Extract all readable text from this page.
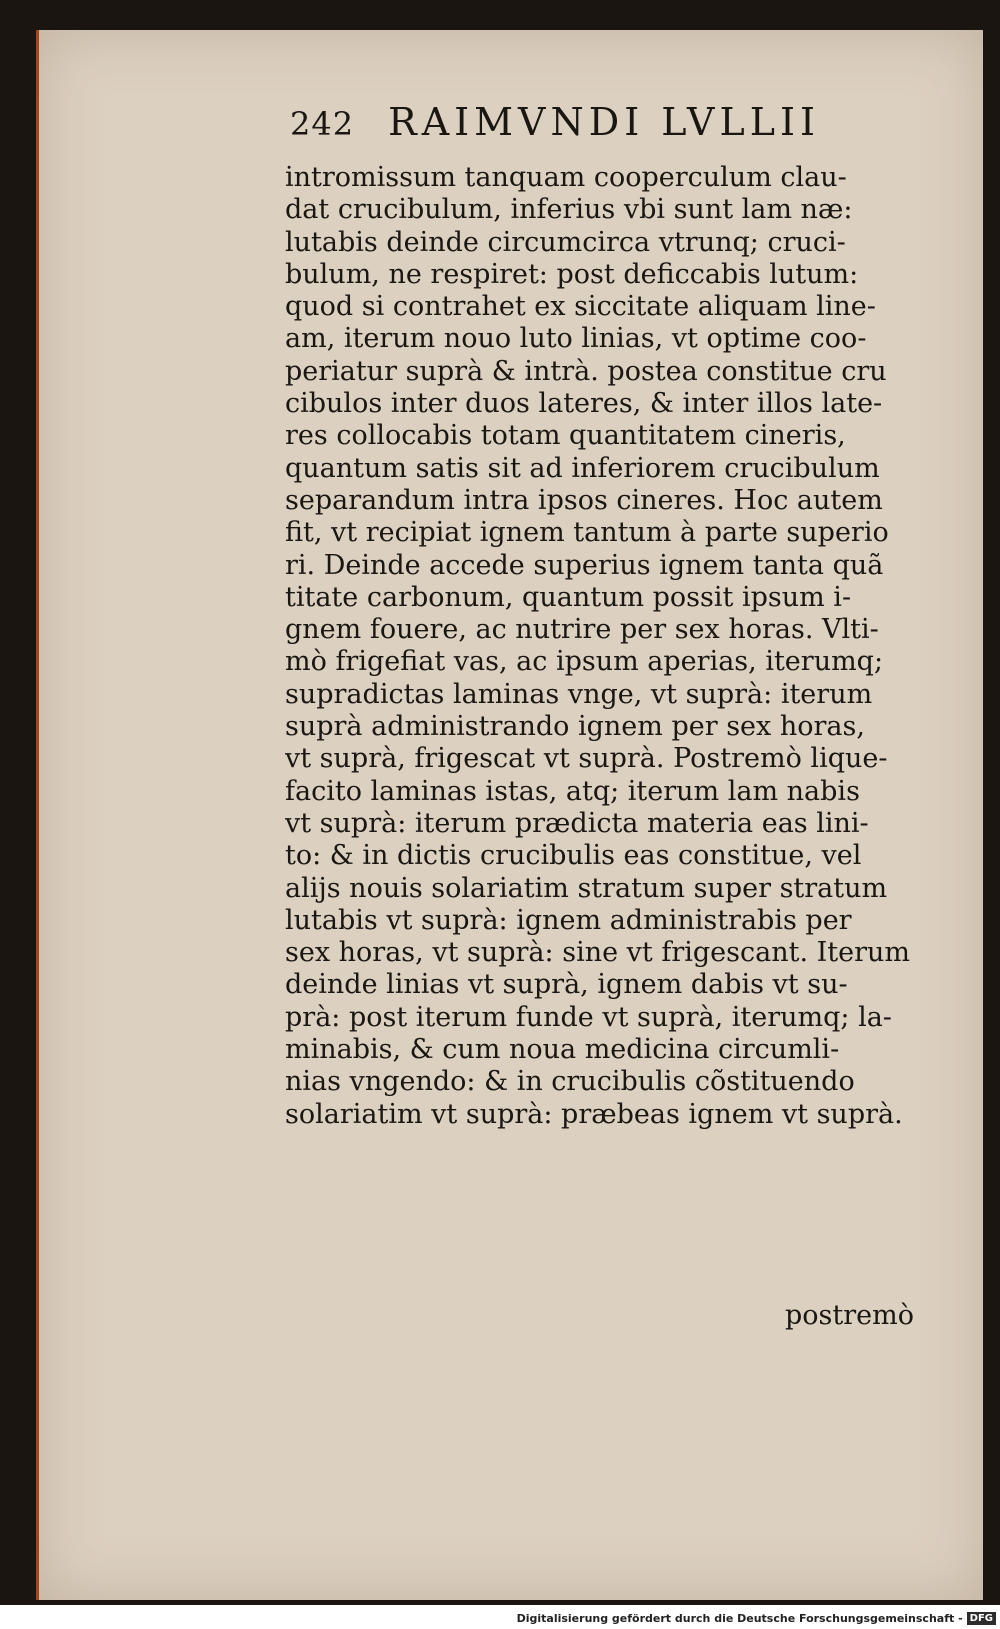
242 RAIMVNDI LVLLII
intromissum tanquam cooperculum clau-
dat crucibulum, inferius vbi sunt lam næ:
lutabis deinde circumcirca vtrunq; cruci-
bulum, ne respiret: post deficcabis lutum:
quod si contrahet ex siccitate aliquam line-
am, iterum nouo luto linias, vt optime coo-
periatur suprà & intrà. postea constitue cru
cibulos inter duos lateres, & inter illos late-
res collocabis totam quantitatem cineris,
quantum satis sit ad inferiorem crucibulum
separandum intra ipsos cineres. Hoc autem
fit, vt recipiat ignem tantum à parte superio
ri. Deinde accede superius ignem tanta quã
titate carbonum, quantum possit ipsum i-
gnem fouere, ac nutrire per sex horas. Vlti-
mò frigefiat vas, ac ipsum aperias, iterumq;
supradictas laminas vnge, vt suprà: iterum
suprà administrando ignem per sex horas,
vt suprà, frigescat vt suprà. Postremò lique-
facito laminas istas, atq; iterum lam nabis
vt suprà: iterum prædicta materia eas lini-
to: & in dictis crucibulis eas constitue, vel
alijs nouis solariatim stratum super stratum
lutabis vt suprà: ignem administrabis per
sex horas, vt suprà: sine vt frigescant. Iterum
deinde linias vt suprà, ignem dabis vt su-
prà: post iterum funde vt suprà, iterumq; la-
minabis, & cum noua medicina circumli-
nias vngendo: & in crucibulis cõstituendo
solariatim vt suprà: præbeas ignem vt suprà.
postremò
Digitalisierung gefördert durch die Deutsche Forschungsgemeinschaft - DFG
